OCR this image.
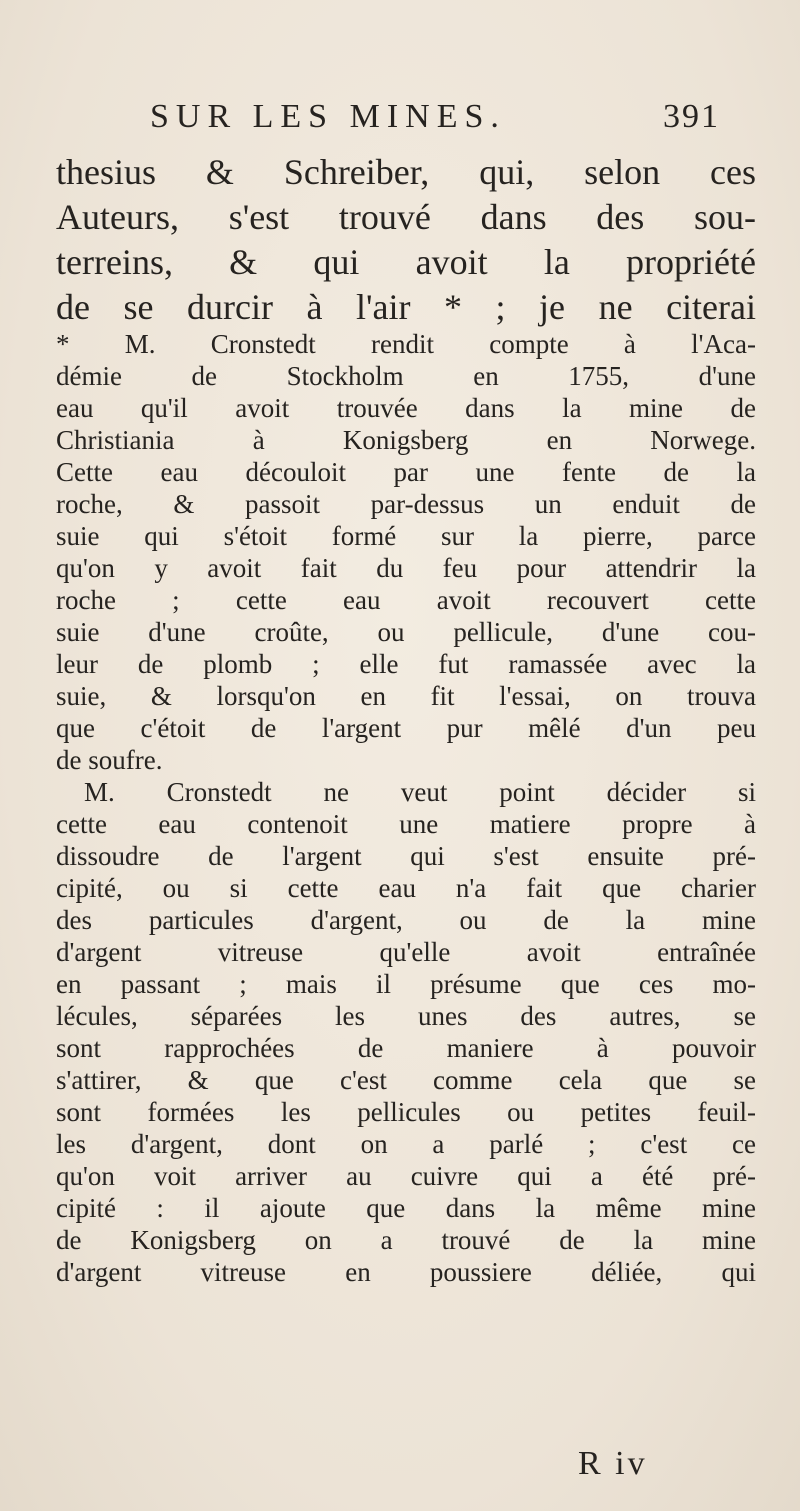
SUR LES MINES.	391
thesius & Schreiber, qui, selon ces
Auteurs, s'est trouvé dans des sou-
terreins, & qui avoit la propriété
de se durcir à l'air * ; je ne citerai
* M. Cronstedt rendit compte à l'Aca-
démie de Stockholm en 1755, d'une
eau qu'il avoit trouvée dans la mine de
Christiania à Konigsberg en Norwege.
Cette eau découloit par une fente de la
roche, & passoit par-dessus un enduit de
suie qui s'étoit formé sur la pierre, parce
qu'on y avoit fait du feu pour attendrir la
roche ; cette eau avoit recouvert cette
suie d'une croûte, ou pellicule, d'une cou-
leur de plomb ; elle fut ramassée avec la
suie, & lorsqu'on en fit l'essai, on trouva
que c'étoit de l'argent pur mêlé d'un peu
de soufre.
M. Cronstedt ne veut point décider si
cette eau contenoit une matiere propre à
dissoudre de l'argent qui s'est ensuite pré-
cipité, ou si cette eau n'a fait que charier
des particules d'argent, ou de la mine
d'argent vitreuse qu'elle avoit entraînée
en passant ; mais il présume que ces mo-
lécules, séparées les unes des autres, se
sont rapprochées de maniere à pouvoir
s'attirer, & que c'est comme cela que se
sont formées les pellicules ou petites feuil-
les d'argent, dont on a parlé ; c'est ce
qu'on voit arriver au cuivre qui a été pré-
cipité : il ajoute que dans la même mine
de Konigsberg on a trouvé de la mine
d'argent vitreuse en poussiere déliée, qui
R iv
